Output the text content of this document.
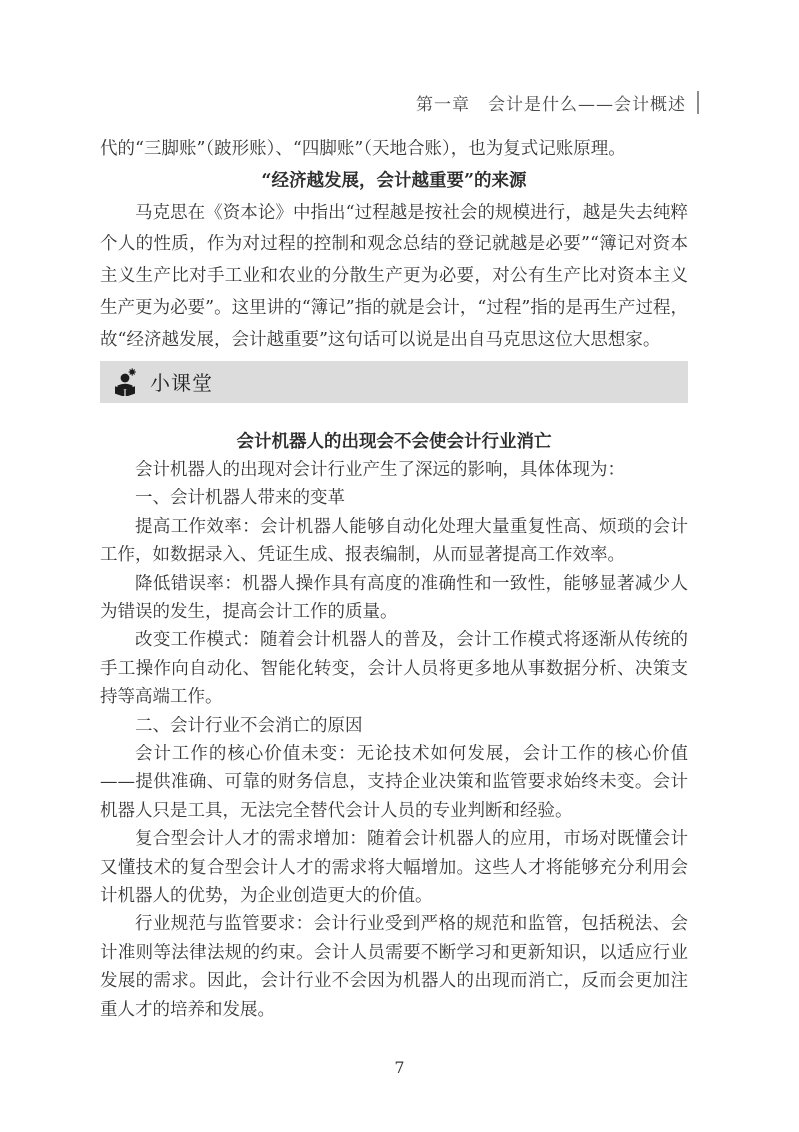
第一章　会计是什么——会计概述

代的“三脚账”（跛形账）、“四脚账”（天地合账），也为复式记账原理。

“经济越发展，会计越重要”的来源

马克思在《资本论》中指出“过程越是按社会的规模进行，越是失去纯粹个人的性质，作为对过程的控制和观念总结的登记就越是必要”“簿记对资本主义生产比对手工业和农业的分散生产更为必要，对公有生产比对资本主义生产更为必要”。这里讲的“簿记”指的就是会计，“过程”指的是再生产过程，故“经济越发展，会计越重要”这句话可以说是出自马克思这位大思想家。

小课堂

会计机器人的出现会不会使会计行业消亡

会计机器人的出现对会计行业产生了深远的影响，具体体现为：

一、会计机器人带来的变革

提高工作效率：会计机器人能够自动化处理大量重复性高、烦琐的会计工作，如数据录入、凭证生成、报表编制，从而显著提高工作效率。

降低错误率：机器人操作具有高度的准确性和一致性，能够显著减少人为错误的发生，提高会计工作的质量。

改变工作模式：随着会计机器人的普及，会计工作模式将逐渐从传统的手工操作向自动化、智能化转变，会计人员将更多地从事数据分析、决策支持等高端工作。

二、会计行业不会消亡的原因

会计工作的核心价值未变：无论技术如何发展，会计工作的核心价值——提供准确、可靠的财务信息，支持企业决策和监管要求始终未变。会计机器人只是工具，无法完全替代会计人员的专业判断和经验。

复合型会计人才的需求增加：随着会计机器人的应用，市场对既懂会计又懂技术的复合型会计人才的需求将大幅增加。这些人才将能够充分利用会计机器人的优势，为企业创造更大的价值。

行业规范与监管要求：会计行业受到严格的规范和监管，包括税法、会计准则等法律法规的约束。会计人员需要不断学习和更新知识，以适应行业发展的需求。因此，会计行业不会因为机器人的出现而消亡，反而会更加注重人才的培养和发展。

7
